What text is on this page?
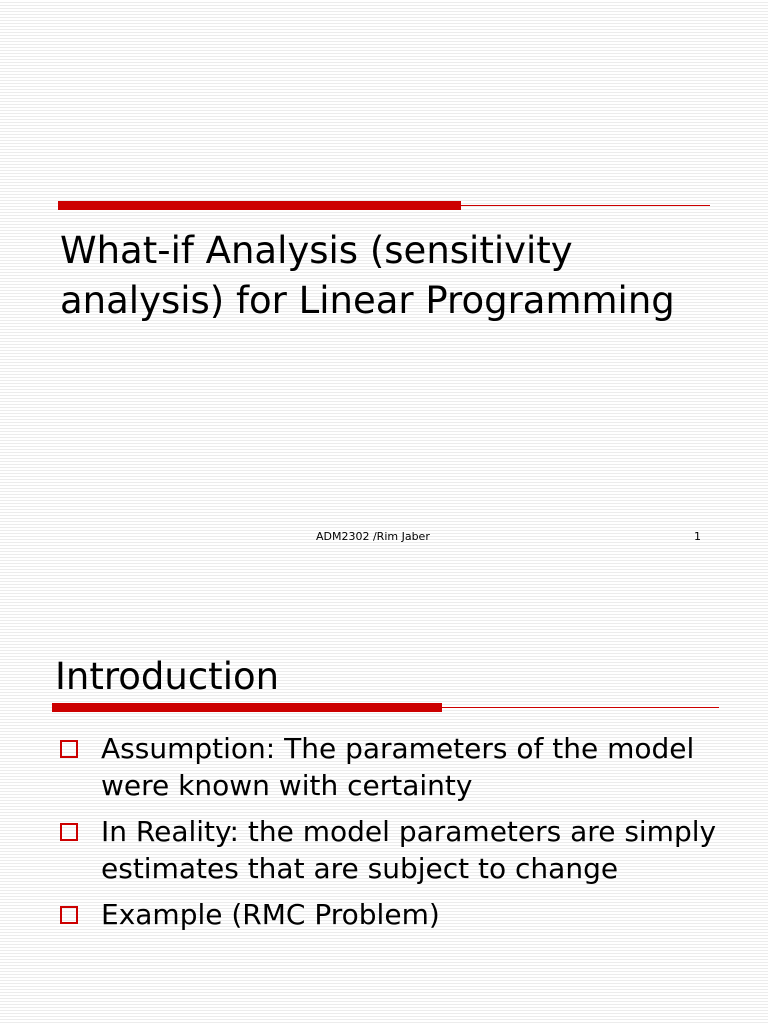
What-if Analysis (sensitivity analysis) for Linear Programming
ADM2302 /Rim Jaber	1
Introduction
Assumption: The parameters of the model were known with certainty
In Reality: the model parameters are simply estimates that are subject to change
Example (RMC Problem)
